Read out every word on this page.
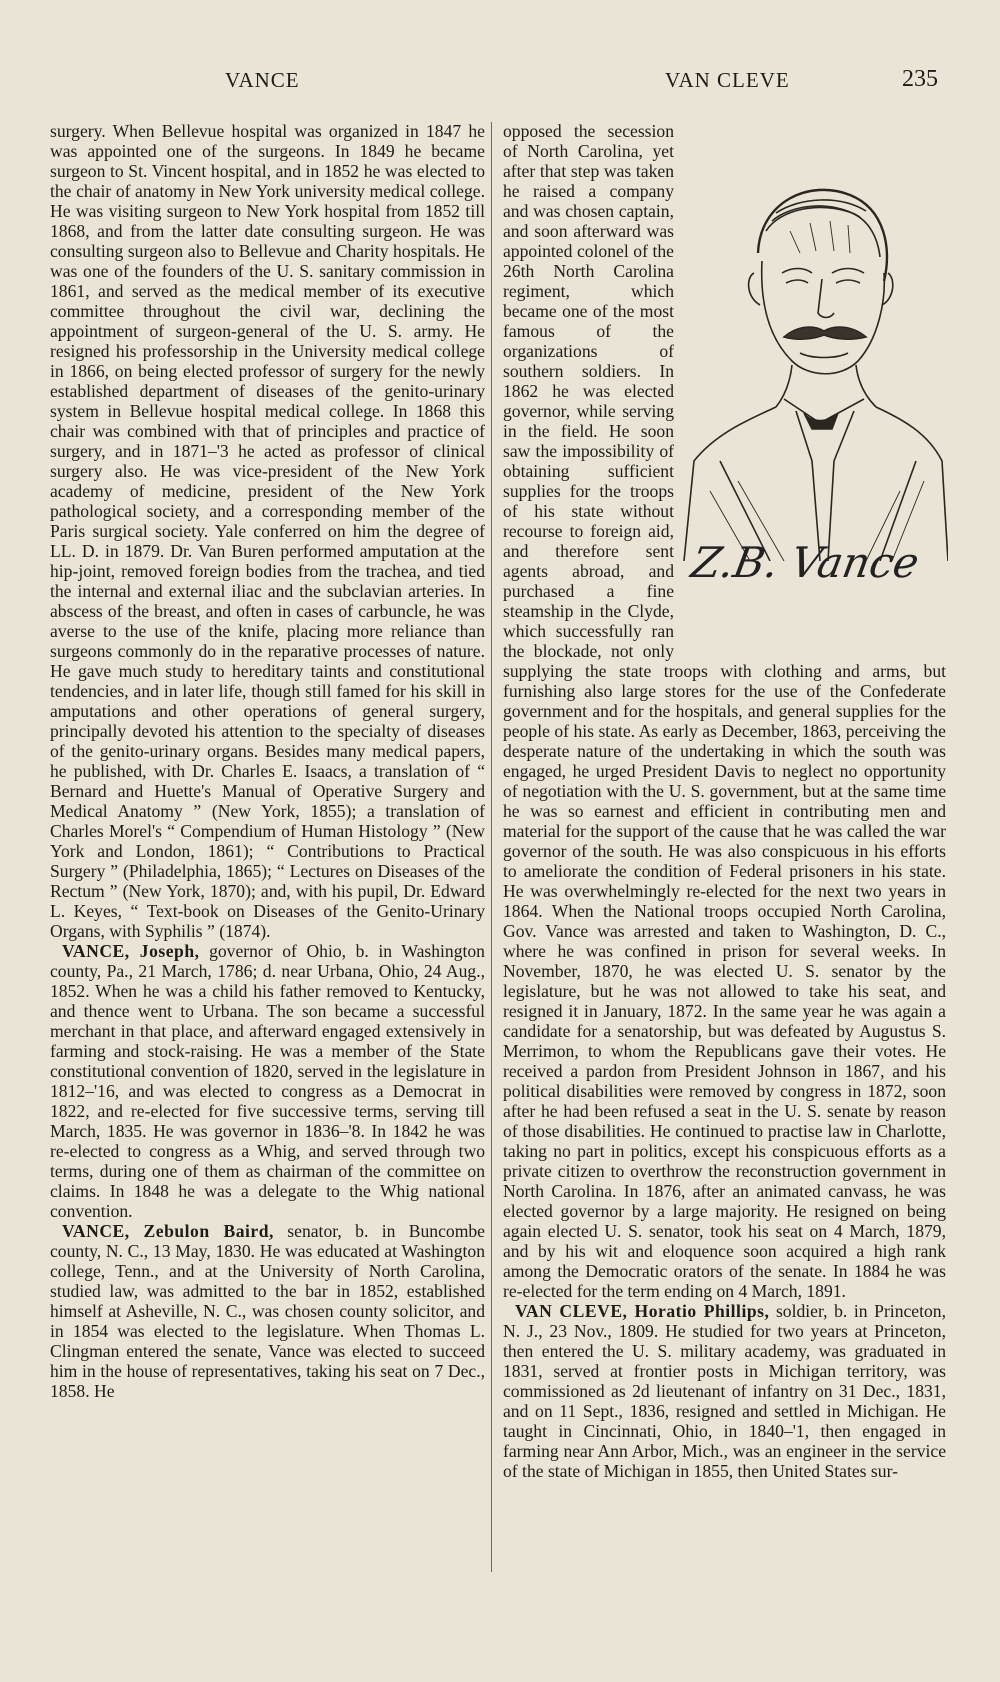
VANCE	VAN CLEVE	235

surgery. When Bellevue hospital was organized in 1847 he was appointed one of the surgeons. In 1849 he became surgeon to St. Vincent hospital, and in 1852 he was elected to the chair of anatomy in New York university medical college. He was visiting surgeon to New York hospital from 1852 till 1868, and from the latter date consulting surgeon. He was consulting surgeon also to Bellevue and Charity hospitals. He was one of the founders of the U. S. sanitary commission in 1861, and served as the medical member of its executive committee throughout the civil war, declining the appointment of surgeon-general of the U. S. army. He resigned his professorship in the University medical college in 1866, on being elected professor of surgery for the newly established department of diseases of the genito-urinary system in Bellevue hospital medical college. In 1868 this chair was combined with that of principles and practice of surgery, and in 1871–'3 he acted as professor of clinical surgery also. He was vice-president of the New York academy of medicine, president of the New York pathological society, and a corresponding member of the Paris surgical society. Yale conferred on him the degree of LL. D. in 1879. Dr. Van Buren performed amputation at the hip-joint, removed foreign bodies from the trachea, and tied the internal and external iliac and the subclavian arteries. In abscess of the breast, and often in cases of carbuncle, he was averse to the use of the knife, placing more reliance than surgeons commonly do in the reparative processes of nature. He gave much study to hereditary taints and constitutional tendencies, and in later life, though still famed for his skill in amputations and other operations of general surgery, principally devoted his attention to the specialty of diseases of the genito-urinary organs. Besides many medical papers, he published, with Dr. Charles E. Isaacs, a translation of “ Bernard and Huette's Manual of Operative Surgery and Medical Anatomy ” (New York, 1855); a translation of Charles Morel's “ Compendium of Human Histology ” (New York and London, 1861); “ Contributions to Practical Surgery ” (Philadelphia, 1865); “ Lectures on Diseases of the Rectum ” (New York, 1870); and, with his pupil, Dr. Edward L. Keyes, “ Text-book on Diseases of the Genito-Urinary Organs, with Syphilis ” (1874).

VANCE, Joseph, governor of Ohio, b. in Washington county, Pa., 21 March, 1786; d. near Urbana, Ohio, 24 Aug., 1852. When he was a child his father removed to Kentucky, and thence went to Urbana. The son became a successful merchant in that place, and afterward engaged extensively in farming and stock-raising. He was a member of the State constitutional convention of 1820, served in the legislature in 1812–'16, and was elected to congress as a Democrat in 1822, and re-elected for five successive terms, serving till March, 1835. He was governor in 1836–'8. In 1842 he was re-elected to congress as a Whig, and served through two terms, during one of them as chairman of the committee on claims. In 1848 he was a delegate to the Whig national convention.

VANCE, Zebulon Baird, senator, b. in Buncombe county, N. C., 13 May, 1830. He was educated at Washington college, Tenn., and at the University of North Carolina, studied law, was admitted to the bar in 1852, established himself at Asheville, N. C., was chosen county solicitor, and in 1854 was elected to the legislature. When Thomas L. Clingman entered the senate, Vance was elected to succeed him in the house of representatives, taking his seat on 7 Dec., 1858. He

Z.B. Vance

opposed the secession of North Carolina, yet after that step was taken he raised a company and was chosen captain, and soon afterward was appointed colonel of the 26th North Carolina regiment, which became one of the most famous of the organizations of southern soldiers. In 1862 he was elected governor, while serving in the field. He soon saw the impossibility of obtaining sufficient supplies for the troops of his state without recourse to foreign aid, and therefore sent agents abroad, and purchased a fine steamship in the Clyde, which successfully ran the blockade, not only supplying the state troops with clothing and arms, but furnishing also large stores for the use of the Confederate government and for the hospitals, and general supplies for the people of his state. As early as December, 1863, perceiving the desperate nature of the undertaking in which the south was engaged, he urged President Davis to neglect no opportunity of negotiation with the U. S. government, but at the same time he was so earnest and efficient in contributing men and material for the support of the cause that he was called the war governor of the south. He was also conspicuous in his efforts to ameliorate the condition of Federal prisoners in his state. He was overwhelmingly re-elected for the next two years in 1864. When the National troops occupied North Carolina, Gov. Vance was arrested and taken to Washington, D. C., where he was confined in prison for several weeks. In November, 1870, he was elected U. S. senator by the legislature, but he was not allowed to take his seat, and resigned it in January, 1872. In the same year he was again a candidate for a senatorship, but was defeated by Augustus S. Merrimon, to whom the Republicans gave their votes. He received a pardon from President Johnson in 1867, and his political disabilities were removed by congress in 1872, soon after he had been refused a seat in the U. S. senate by reason of those disabilities. He continued to practise law in Charlotte, taking no part in politics, except his conspicuous efforts as a private citizen to overthrow the reconstruction government in North Carolina. In 1876, after an animated canvass, he was elected governor by a large majority. He resigned on being again elected U. S. senator, took his seat on 4 March, 1879, and by his wit and eloquence soon acquired a high rank among the Democratic orators of the senate. In 1884 he was re-elected for the term ending on 4 March, 1891.

VAN CLEVE, Horatio Phillips, soldier, b. in Princeton, N. J., 23 Nov., 1809. He studied for two years at Princeton, then entered the U. S. military academy, was graduated in 1831, served at frontier posts in Michigan territory, was commissioned as 2d lieutenant of infantry on 31 Dec., 1831, and on 11 Sept., 1836, resigned and settled in Michigan. He taught in Cincinnati, Ohio, in 1840–'1, then engaged in farming near Ann Arbor, Mich., was an engineer in the service of the state of Michigan in 1855, then United States sur-
